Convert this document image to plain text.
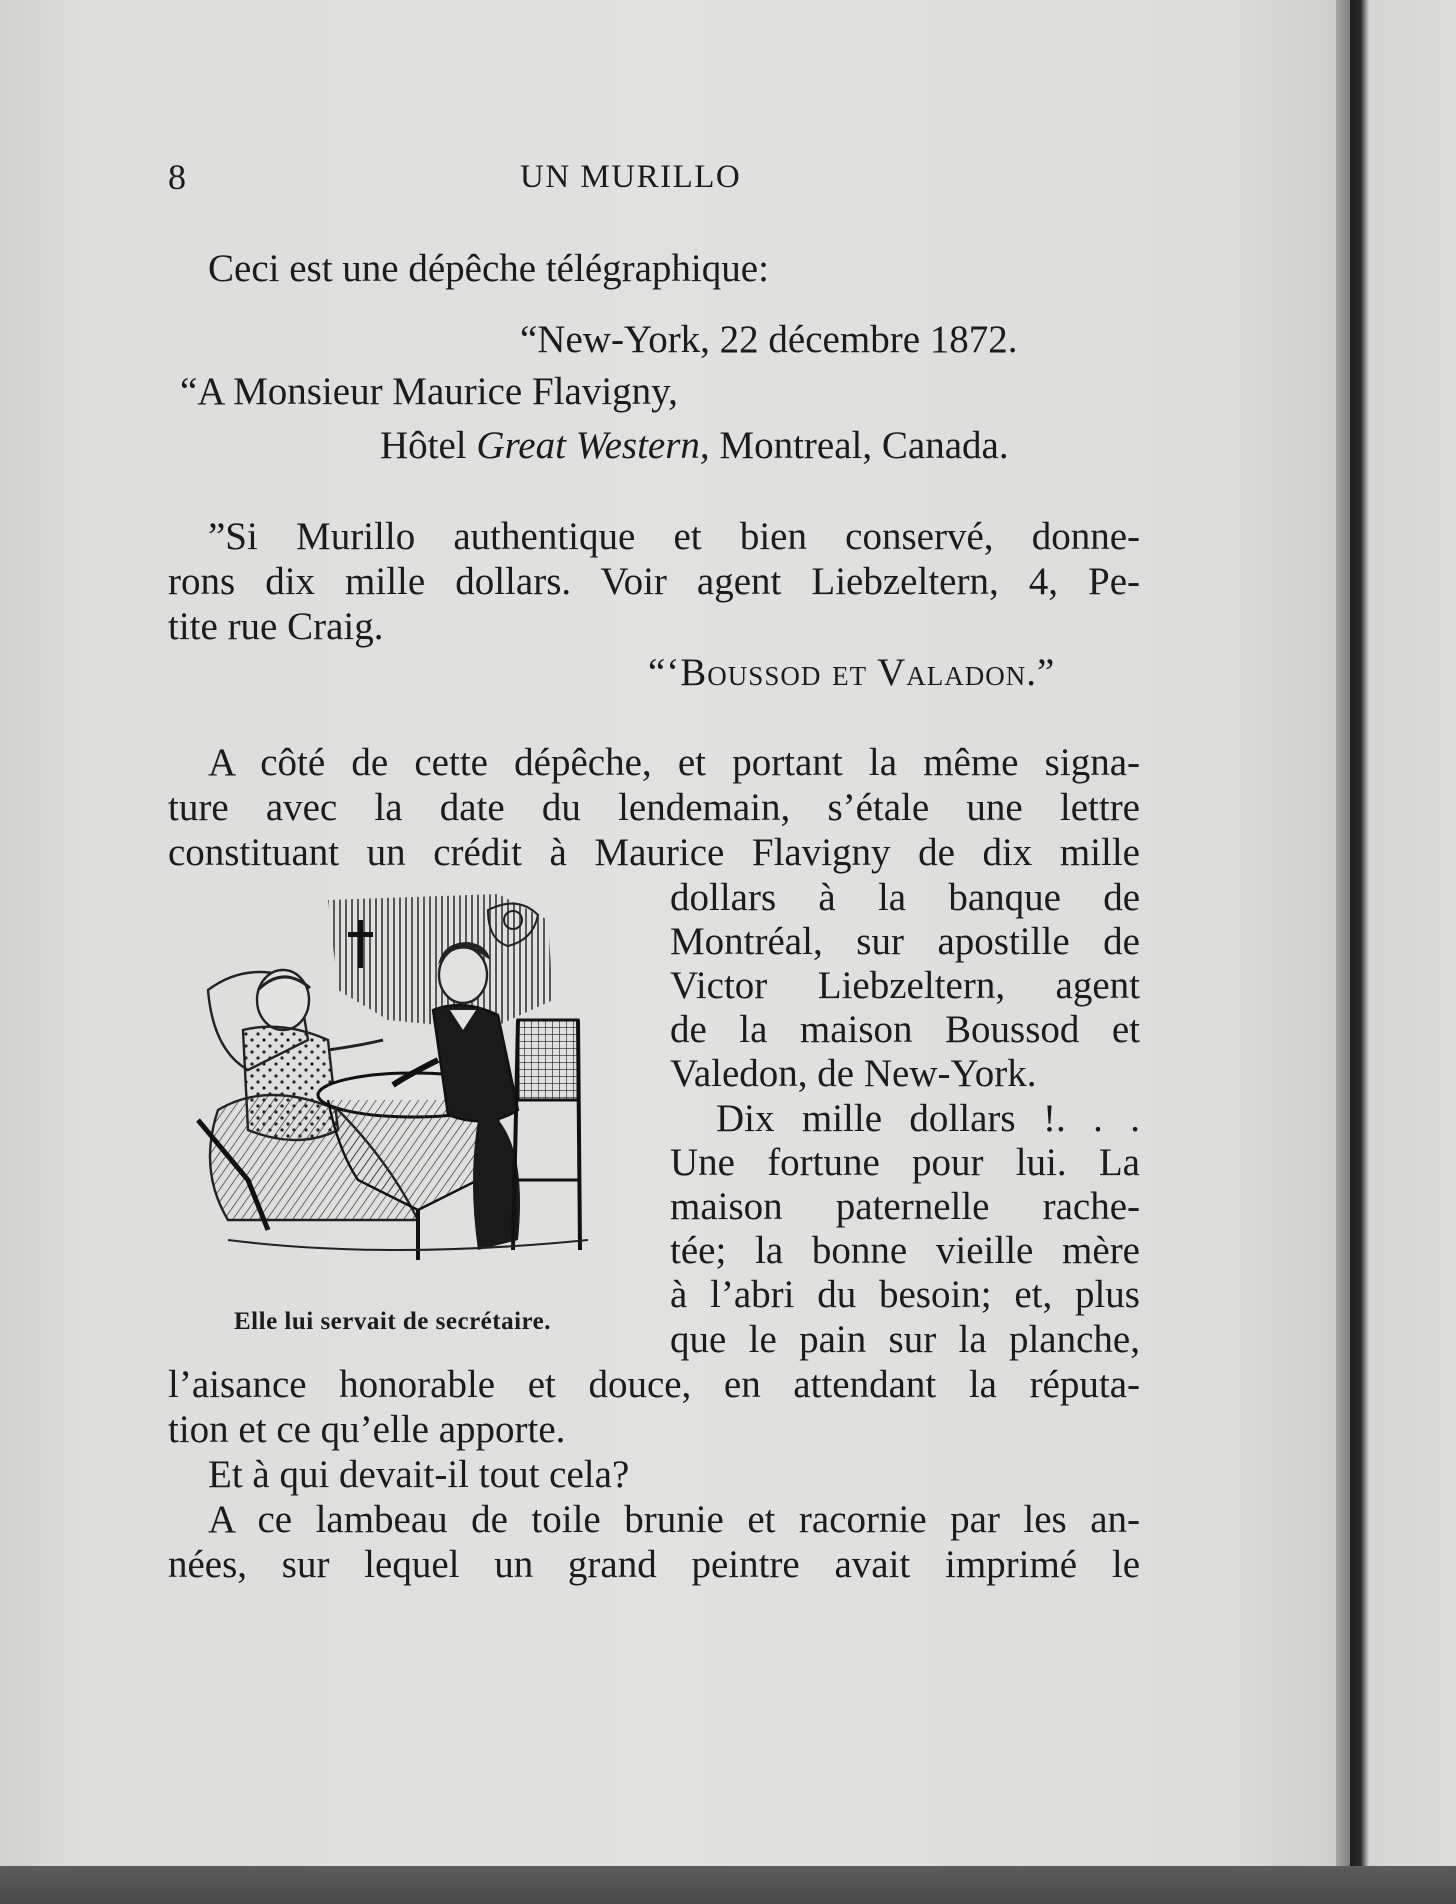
8	UN MURILLO
Ceci est une dépêche télégraphique:
“New-York, 22 décembre 1872.
“A Monsieur Maurice Flavigny,
Hôtel Great Western, Montreal, Canada.
”Si Murillo authentique et bien conservé, donne-
rons dix mille dollars. Voir agent Liebzeltern, 4, Pe-
tite rue Craig.
“‘Boussod et Valadon.”
A côté de cette dépêche, et portant la même signa-
ture avec la date du lendemain, s’étale une lettre
constituant un crédit à Maurice Flavigny de dix mille
dollars à la banque de
Montréal, sur apostille de
Victor Liebzeltern, agent
de la maison Boussod et
Valedon, de New-York.
Dix mille dollars !. . .
Une fortune pour lui. La
maison paternelle rache-
tée; la bonne vieille mère
à l’abri du besoin; et, plus
que le pain sur la planche,
l’aisance honorable et douce, en attendant la réputa-
tion et ce qu’elle apporte.
Et à qui devait-il tout cela?
A ce lambeau de toile brunie et racornie par les an-
nées, sur lequel un grand peintre avait imprimé le
Elle lui servait de secrétaire.
